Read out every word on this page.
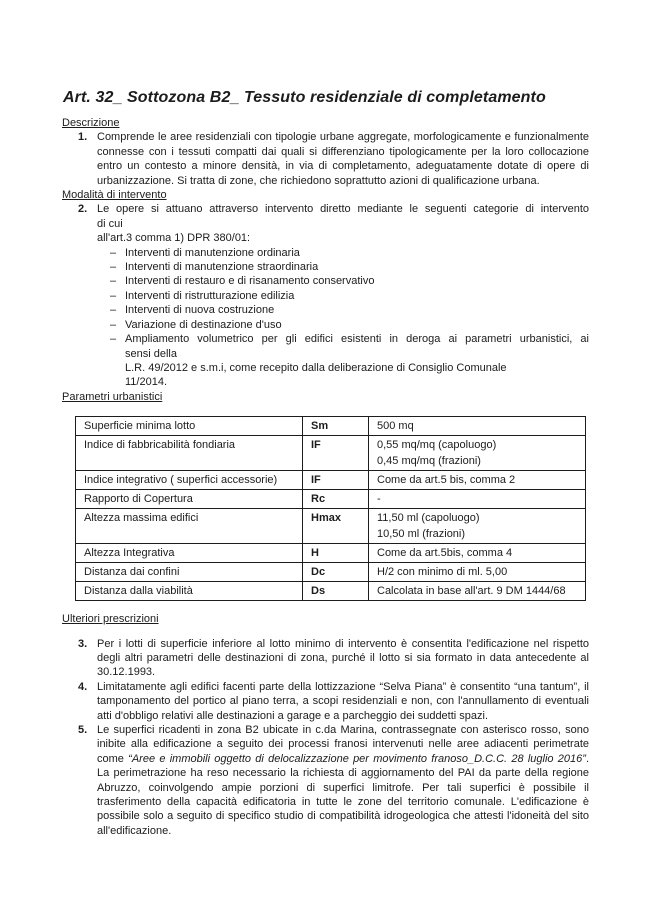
Art. 32_ Sottozona B2_ Tessuto residenziale di completamento
Descrizione
1. Comprende le aree residenziali con tipologie urbane aggregate, morfologicamente e funzionalmente connesse con i tessuti compatti dai quali si differenziano tipologicamente per la loro collocazione entro un contesto a minore densità, in via di completamento, adeguatamente dotate di opere di urbanizzazione. Si tratta di zone, che richiedono soprattutto azioni di qualificazione urbana.
Modalità di intervento
2. Le opere si attuano attraverso intervento diretto mediante le seguenti categorie di intervento
di cui
all'art.3 comma 1) DPR 380/01:
– Interventi di manutenzione ordinaria
– Interventi di manutenzione straordinaria
– Interventi di restauro e di risanamento conservativo
– Interventi di ristrutturazione edilizia
– Interventi di nuova costruzione
– Variazione di destinazione d'uso
– Ampliamento volumetrico per gli edifici esistenti in deroga ai parametri urbanistici, ai
sensi della
L.R. 49/2012 e s.m.i, come recepito dalla deliberazione di Consiglio Comunale
11/2014.
Parametri urbanistici
Superficie minima lotto	Sm	500 mq

Indice di fabbricabilità fondiaria	IF	0,55 mq/mq (capoluogo)
0,45 mq/mq (frazioni)

Indice integrativo ( superfici accessorie)	IF	Come da art.5 bis, comma 2

Rapporto di Copertura	Rc	-

Altezza massima edifici	Hmax	11,50 ml (capoluogo)
10,50 ml (frazioni)

Altezza Integrativa	H	Come da art.5bis, comma 4

Distanza dai confini	Dc	H/2 con minimo di ml. 5,00

Distanza dalla viabilità	Ds	Calcolata in base all'art. 9 DM 1444/68
Ulteriori prescrizioni
3. Per i lotti di superficie inferiore al lotto minimo di intervento è consentita l'edificazione nel rispetto degli altri parametri delle destinazioni di zona, purché il lotto si sia formato in data antecedente al 30.12.1993.
4. Limitatamente agli edifici facenti parte della lottizzazione “Selva Piana” è consentito “una tantum”, il tamponamento del portico al piano terra, a scopi residenziali e non, con l'annullamento di eventuali atti d'obbligo relativi alle destinazioni a garage e a parcheggio dei suddetti spazi.
5. Le superfici ricadenti in zona B2 ubicate in c.da Marina, contrassegnate con asterisco rosso, sono inibite alla edificazione a seguito dei processi franosi intervenuti nelle aree adiacenti perimetrate come “Aree e immobili oggetto di delocalizzazione per movimento franoso_D.C.C. 28 luglio 2016”. La perimetrazione ha reso necessario la richiesta di aggiornamento del PAI da parte della regione Abruzzo, coinvolgendo ampie porzioni di superfici limitrofe. Per tali superfici è possibile il trasferimento della capacità edificatoria in tutte le zone del territorio comunale. L'edificazione è possibile solo a seguito di specifico studio di compatibilità idrogeologica che attesti l'idoneità del sito all'edificazione.
